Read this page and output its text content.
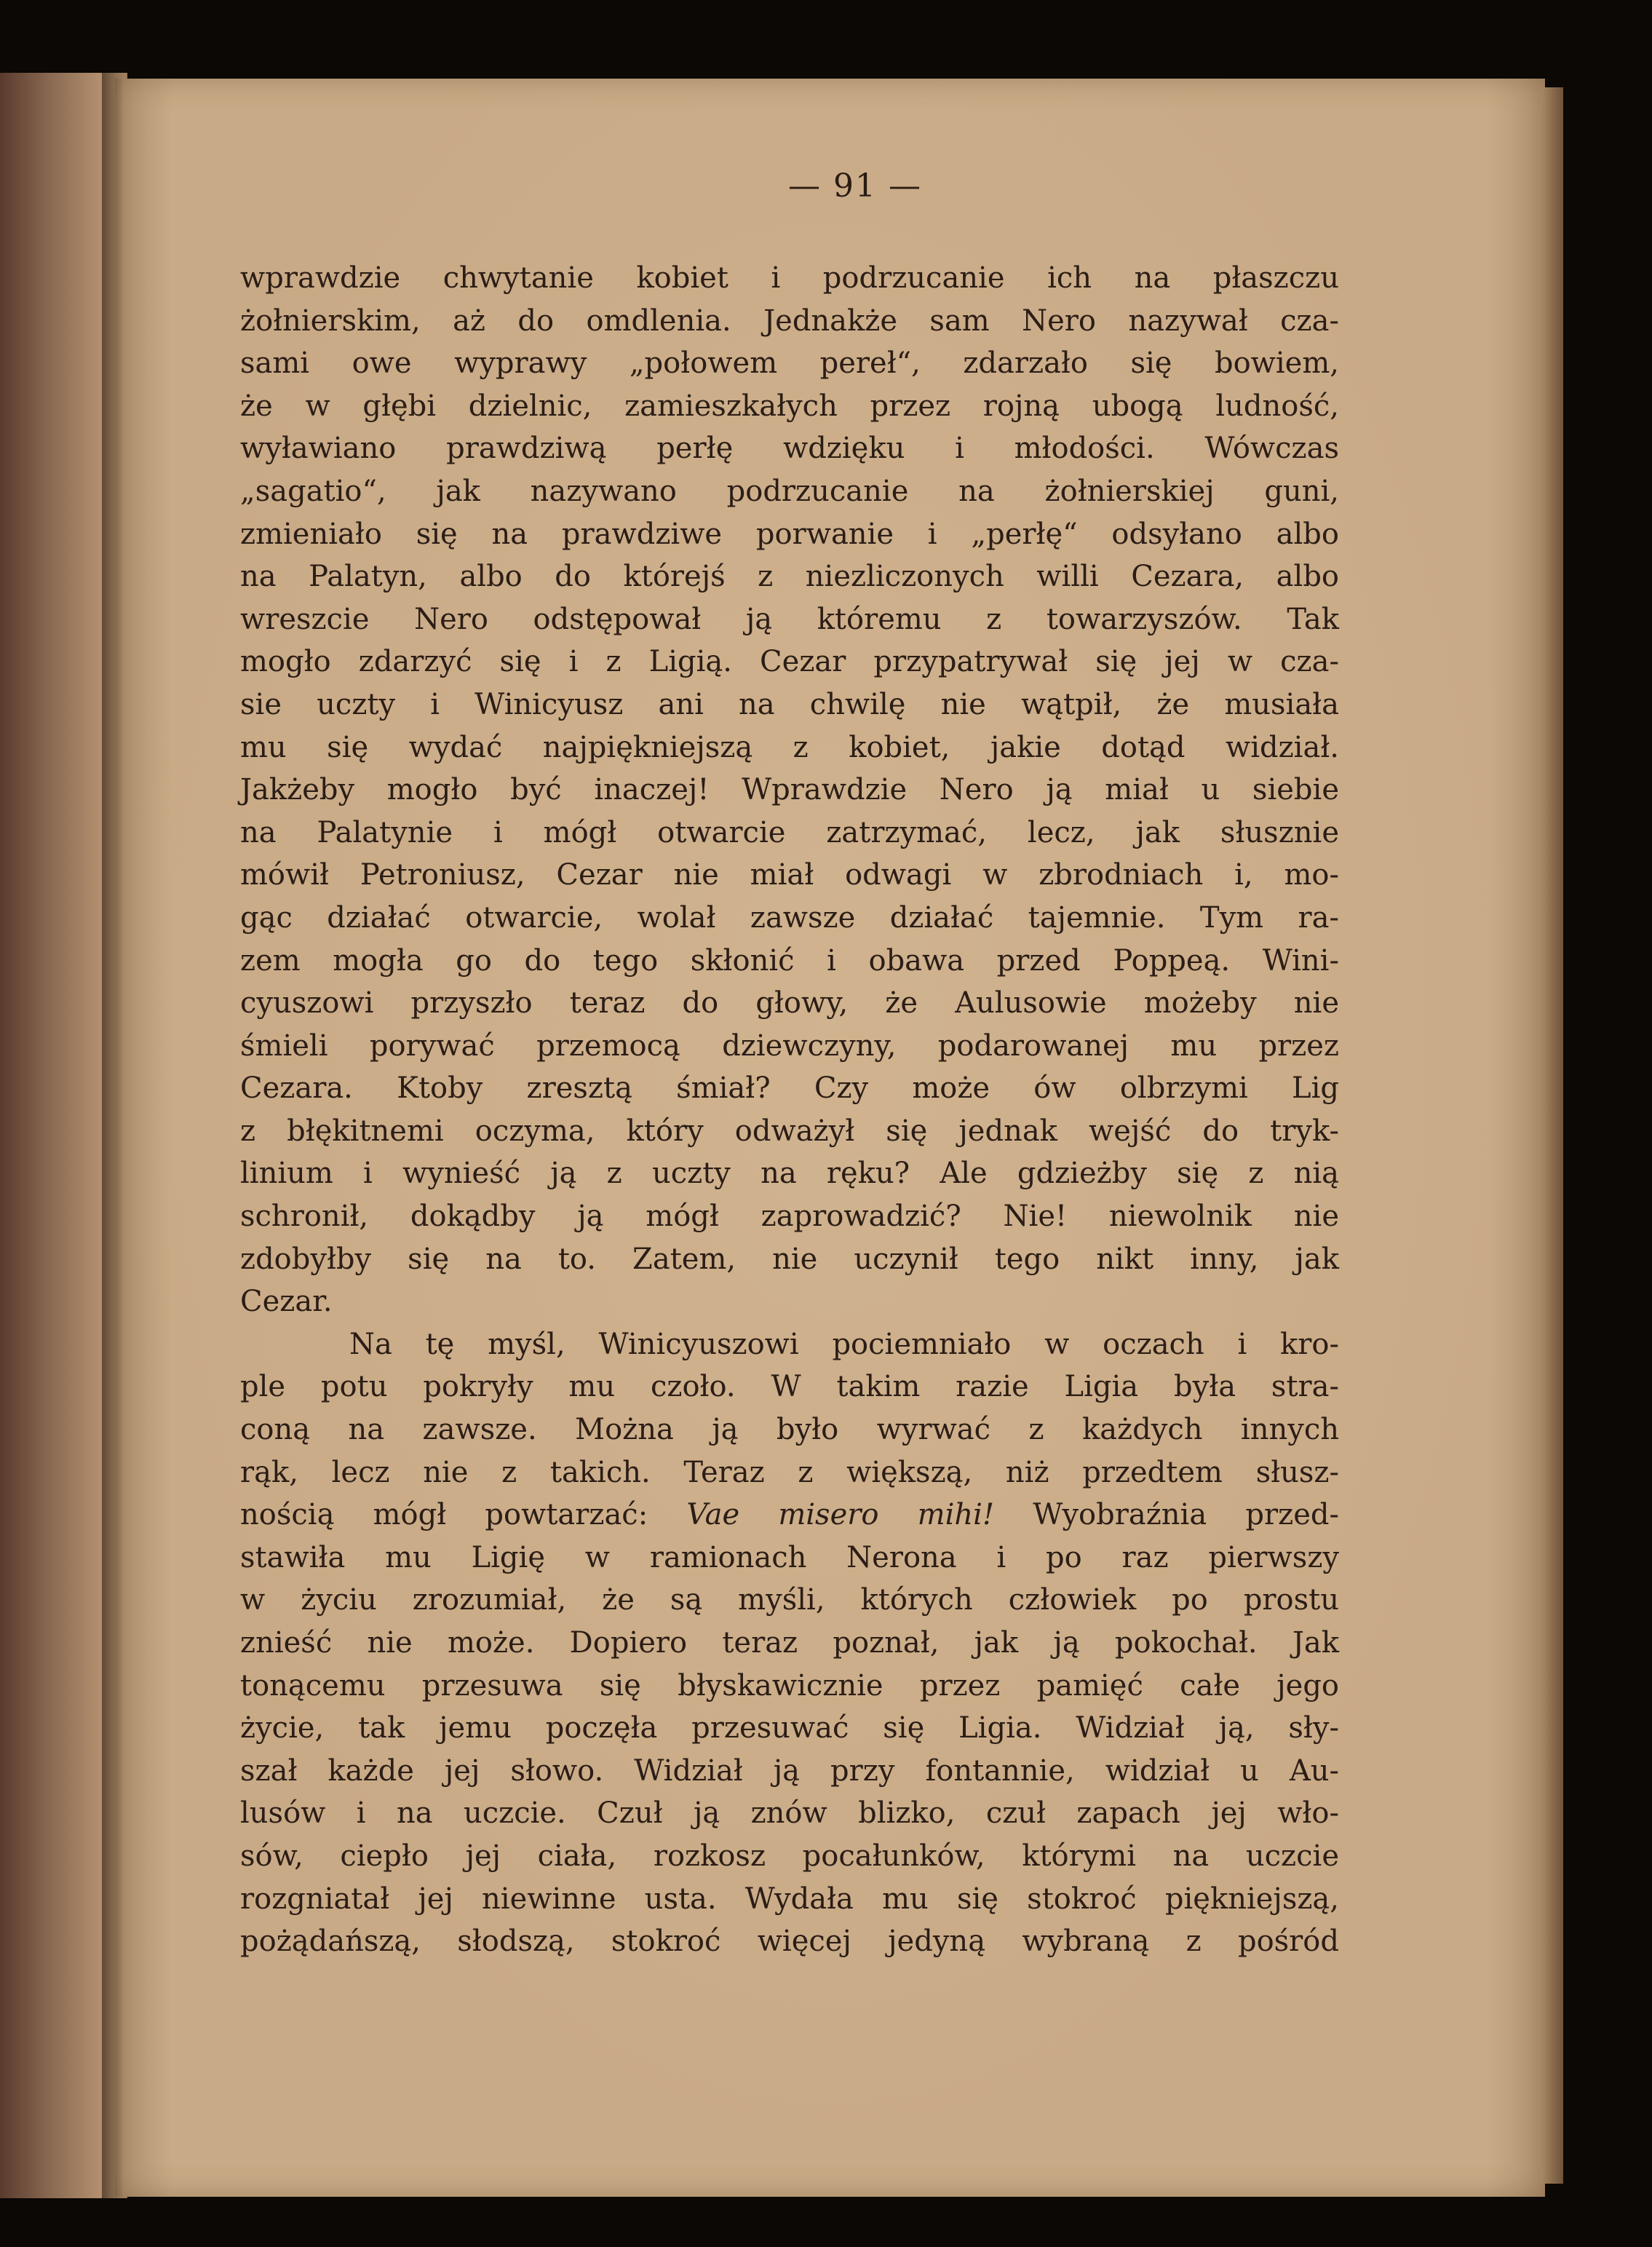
— 91 —
wprawdzie chwytanie kobiet i podrzucanie ich na płaszczu
żołnierskim, aż do omdlenia. Jednakże sam Nero nazywał cza-
sami owe wyprawy „połowem pereł“, zdarzało się bowiem,
że w głębi dzielnic, zamieszkałych przez rojną ubogą ludność,
wyławiano prawdziwą perłę wdzięku i młodości. Wówczas
„sagatio“, jak nazywano podrzucanie na żołnierskiej guni,
zmieniało się na prawdziwe porwanie i „perłę“ odsyłano albo
na Palatyn, albo do którejś z niezliczonych willi Cezara, albo
wreszcie Nero odstępował ją któremu z towarzyszów. Tak
mogło zdarzyć się i z Ligią. Cezar przypatrywał się jej w cza-
sie uczty i Winicyusz ani na chwilę nie wątpił, że musiała
mu się wydać najpiękniejszą z kobiet, jakie dotąd widział.
Jakżeby mogło być inaczej! Wprawdzie Nero ją miał u siebie
na Palatynie i mógł otwarcie zatrzymać, lecz, jak słusznie
mówił Petroniusz, Cezar nie miał odwagi w zbrodniach i, mo-
gąc działać otwarcie, wolał zawsze działać tajemnie. Tym ra-
zem mogła go do tego skłonić i obawa przed Poppeą. Wini-
cyuszowi przyszło teraz do głowy, że Aulusowie możeby nie
śmieli porywać przemocą dziewczyny, podarowanej mu przez
Cezara. Ktoby zresztą śmiał? Czy może ów olbrzymi Lig
z błękitnemi oczyma, który odważył się jednak wejść do tryk-
linium i wynieść ją z uczty na ręku? Ale gdzieżby się z nią
schronił, dokądby ją mógł zaprowadzić? Nie! niewolnik nie
zdobyłby się na to. Zatem, nie uczynił tego nikt inny, jak
Cezar.
Na tę myśl, Winicyuszowi pociemniało w oczach i kro-
ple potu pokryły mu czoło. W takim razie Ligia była stra-
coną na zawsze. Można ją było wyrwać z każdych innych
rąk, lecz nie z takich. Teraz z większą, niż przedtem słusz-
nością mógł powtarzać: Vae misero mihi! Wyobraźnia przed-
stawiła mu Ligię w ramionach Nerona i po raz pierwszy
w życiu zrozumiał, że są myśli, których człowiek po prostu
znieść nie może. Dopiero teraz poznał, jak ją pokochał. Jak
tonącemu przesuwa się błyskawicznie przez pamięć całe jego
życie, tak jemu poczęła przesuwać się Ligia. Widział ją, sły-
szał każde jej słowo. Widział ją przy fontannie, widział u Au-
lusów i na uczcie. Czuł ją znów blizko, czuł zapach jej wło-
sów, ciepło jej ciała, rozkosz pocałunków, którymi na uczcie
rozgniatał jej niewinne usta. Wydała mu się stokroć piękniejszą,
pożądańszą, słodszą, stokroć więcej jedyną wybraną z pośród
